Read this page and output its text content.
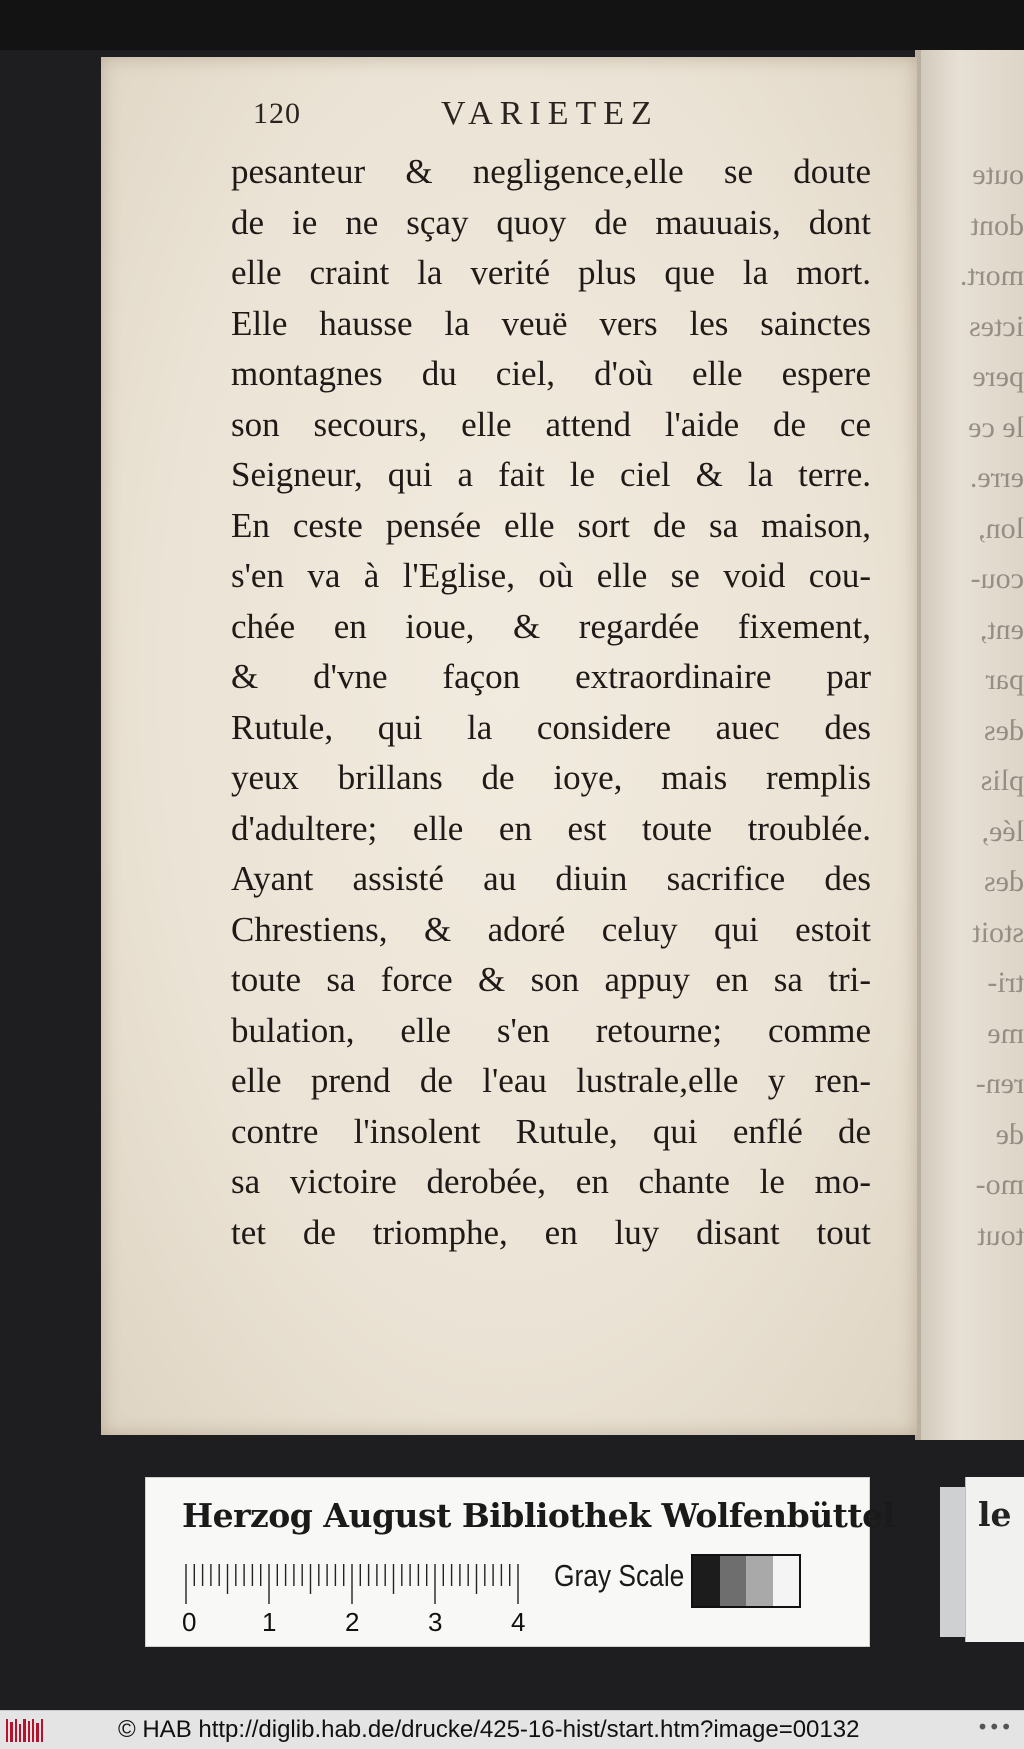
oute
dont
mort.
ictes
pere
le ce
erre.
lon,
cou-
ent,
par
des
plis
lée,
des
stoit
tri-
me
ren-
de
mo-
tout
120	VARIETEZ
pesanteur & negligence,elle se doute
de ie ne sçay quoy de mauuais, dont
elle craint la verité plus que la mort.
Elle hausse la veuë vers les sainctes
montagnes du ciel, d'où elle espere
son secours, elle attend l'aide de ce
Seigneur, qui a fait le ciel & la terre.
En ceste pensée elle sort de sa maison,
s'en va à l'Eglise, où elle se void cou-
chée en ioue, & regardée fixement,
& d'vne façon extraordinaire par
Rutule, qui la considere auec des
yeux brillans de ioye, mais remplis
d'adultere; elle en est toute troublée.
Ayant assisté au diuin sacrifice des
Chrestiens, & adoré celuy qui estoit
toute sa force & son appuy en sa tri-
bulation, elle s'en retourne; comme
elle prend de l'eau lustrale,elle y ren-
contre l'insolent Rutule, qui enflé de
sa victoire derobée, en chante le mo-
tet de triomphe, en luy disant tout
Herzog August Bibliothek Wolfenbüttel
0	1	2	3	4
Gray Scale
le
© HAB http://diglib.hab.de/drucke/425-16-hist/start.htm?image=00132	•••
